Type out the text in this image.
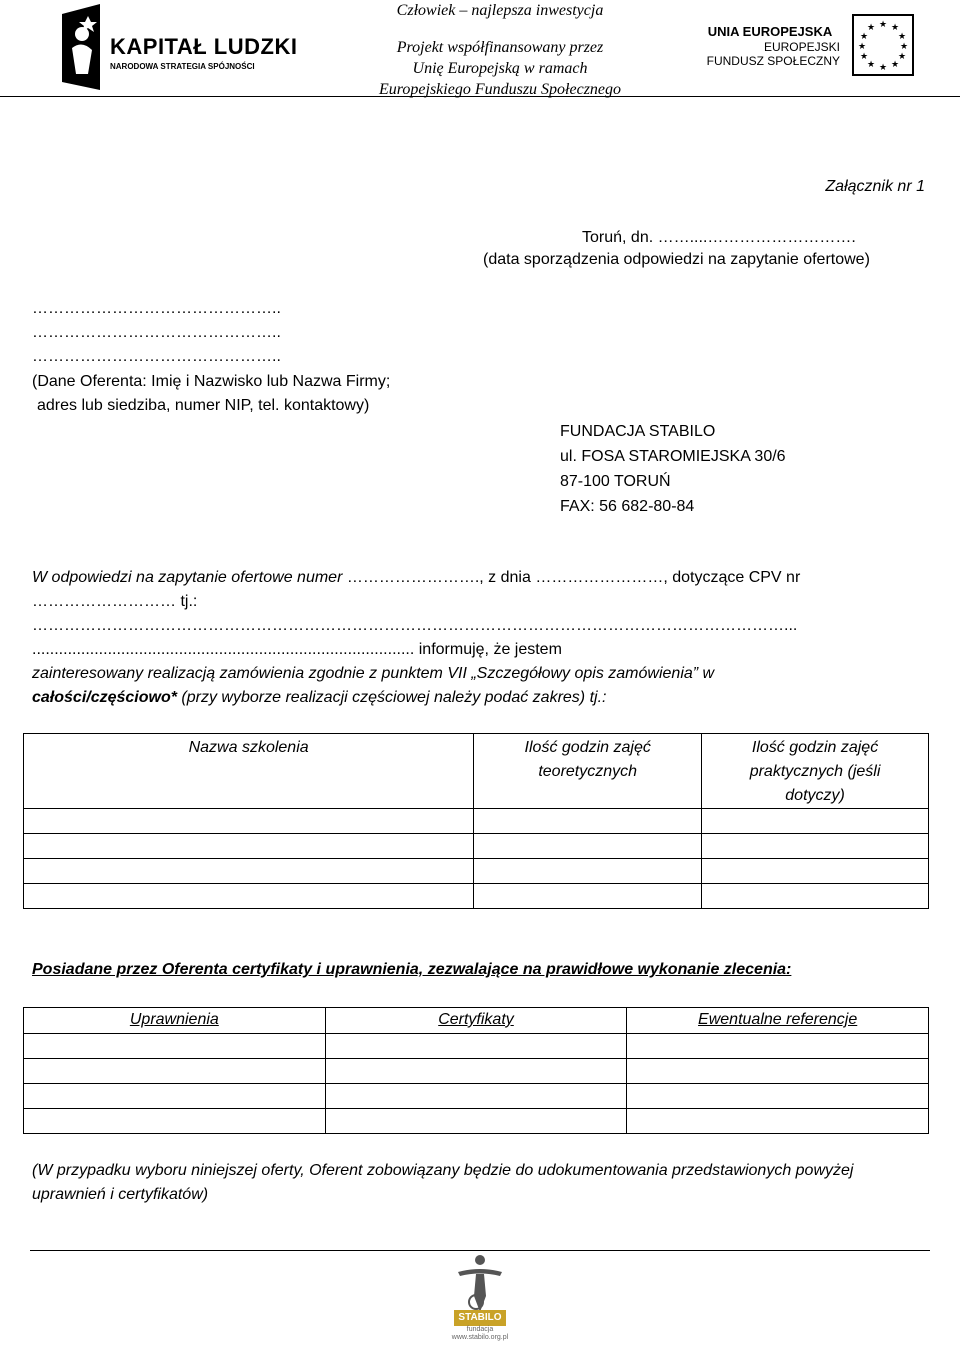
KAPITAŁ LUDZKI
NARODOWA STRATEGIA SPÓJNOŚCI
Człowiek – najlepsza inwestycja
Projekt współfinansowany przez
Unię Europejską w ramach
Europejskiego Funduszu Społecznego
UNIA EUROPEJSKA
EUROPEJSKI
FUNDUSZ SPOŁECZNY
★ ★
★
★
★
★
★
★
★
★
★
★
Załącznik nr 1
Toruń, dn. ……....……………………….
(data sporządzenia odpowiedzi na zapytanie ofertowe)
………………………………………..
………………………………………..
………………………………………..
(Dane Oferenta: Imię i Nazwisko lub Nazwa Firmy;
adres lub siedziba, numer NIP, tel. kontaktowy)
FUNDACJA STABILO
ul. FOSA STAROMIEJSKA 30/6
87-100 TORUŃ
FAX: 56 682-80-84
W odpowiedzi na zapytanie ofertowe numer ……………………., z dnia ……………………, dotyczące CPV nr
……………………… tj.:
……………………………………………………………………………………………………………………………...
...................................................................................... informuję, że jestem
zainteresowany realizacją zamówienia zgodnie z punktem VII „Szczegółowy opis zamówienia” w
całości/częściowo* (przy wyborze realizacji częściowej należy podać zakres) tj.:
Nazwa szkolenia	Ilość godzin zajęć teoretycznych	Ilość godzin zajęć praktycznych (jeśli dotyczy)

Posiadane przez Oferenta certyfikaty i uprawnienia, zezwalające na prawidłowe wykonanie zlecenia:
Uprawnienia	Certyfikaty	Ewentualne referencje

(W przypadku wyboru niniejszej oferty, Oferent zobowiązany będzie do udokumentowania przedstawionych powyżej uprawnień i certyfikatów)
STABILO
fundacja
www.stabilo.org.pl
